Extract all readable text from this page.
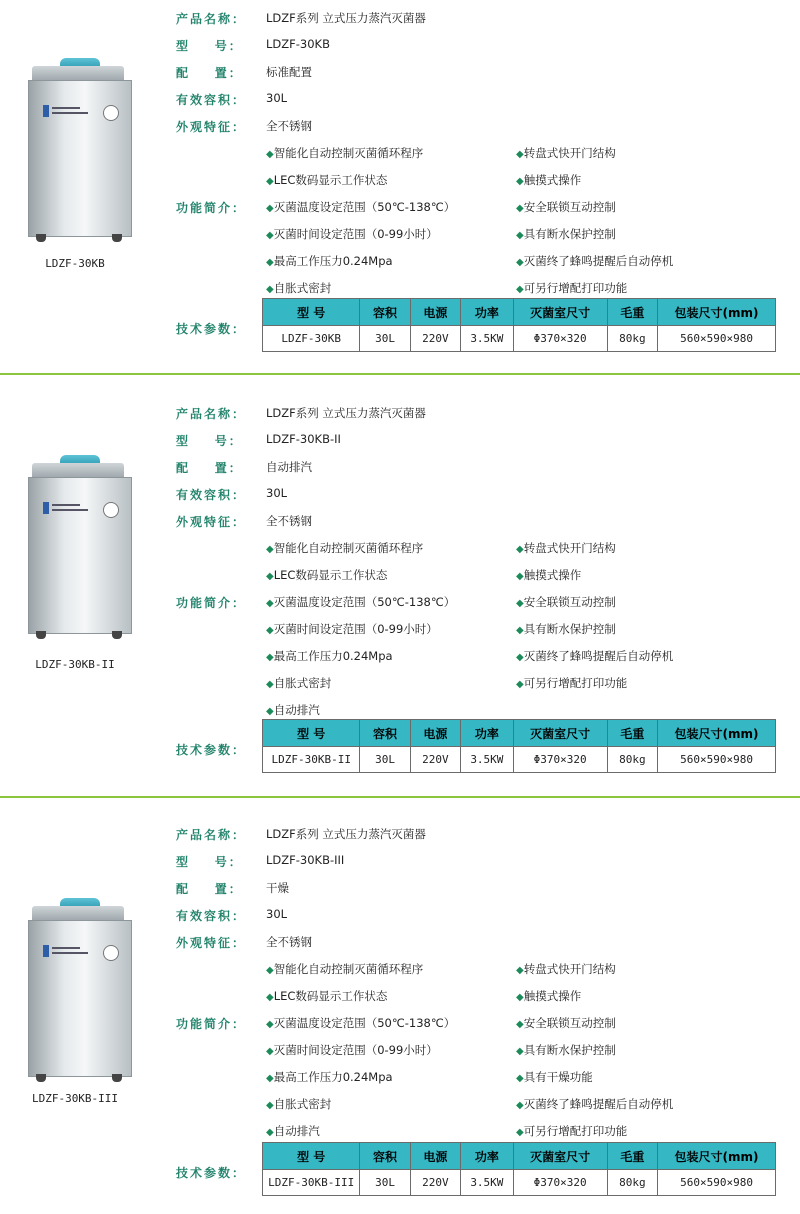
LDZF-30KB
产品名称： LDZF系列 立式压力蒸汽灭菌器
型    号： LDZF-30KB
配    置： 标准配置
有效容积： 30L
外观特征： 全不锈钢
功能简介：
◆智能化自动控制灭菌循环程序
◆LEC数码显示工作状态
◆灭菌温度设定范围（50℃-138℃）
◆灭菌时间设定范围（0-99小时）
◆最高工作压力0.24Mpa
◆自胀式密封
◆转盘式快开门结构
◆触摸式操作
◆安全联锁互动控制
◆具有断水保护控制
◆灭菌终了蜂鸣提醒后自动停机
◆可另行增配打印功能
技术参数：
型 号	容积	电源	功率	灭菌室尺寸	毛重	包装尺寸(mm)
LDZF-30KB	30L	220V	3.5KW	Φ370×320	80kg	560×590×980
LDZF-30KB-II
产品名称： LDZF系列 立式压力蒸汽灭菌器
型    号： LDZF-30KB-II
配    置： 自动排汽
有效容积： 30L
外观特征： 全不锈钢
功能简介：
◆智能化自动控制灭菌循环程序
◆LEC数码显示工作状态
◆灭菌温度设定范围（50℃-138℃）
◆灭菌时间设定范围（0-99小时）
◆最高工作压力0.24Mpa
◆自胀式密封
◆自动排汽
◆转盘式快开门结构
◆触摸式操作
◆安全联锁互动控制
◆具有断水保护控制
◆灭菌终了蜂鸣提醒后自动停机
◆可另行增配打印功能
技术参数：
型 号	容积	电源	功率	灭菌室尺寸	毛重	包装尺寸(mm)
LDZF-30KB-II	30L	220V	3.5KW	Φ370×320	80kg	560×590×980
LDZF-30KB-III
产品名称： LDZF系列 立式压力蒸汽灭菌器
型    号： LDZF-30KB-III
配    置： 干燥
有效容积： 30L
外观特征： 全不锈钢
功能简介：
◆智能化自动控制灭菌循环程序
◆LEC数码显示工作状态
◆灭菌温度设定范围（50℃-138℃）
◆灭菌时间设定范围（0-99小时）
◆最高工作压力0.24Mpa
◆自胀式密封
◆自动排汽
◆转盘式快开门结构
◆触摸式操作
◆安全联锁互动控制
◆具有断水保护控制
◆具有干燥功能
◆灭菌终了蜂鸣提醒后自动停机
◆可另行增配打印功能
技术参数：
型 号	容积	电源	功率	灭菌室尺寸	毛重	包装尺寸(mm)
LDZF-30KB-III	30L	220V	3.5KW	Φ370×320	80kg	560×590×980
